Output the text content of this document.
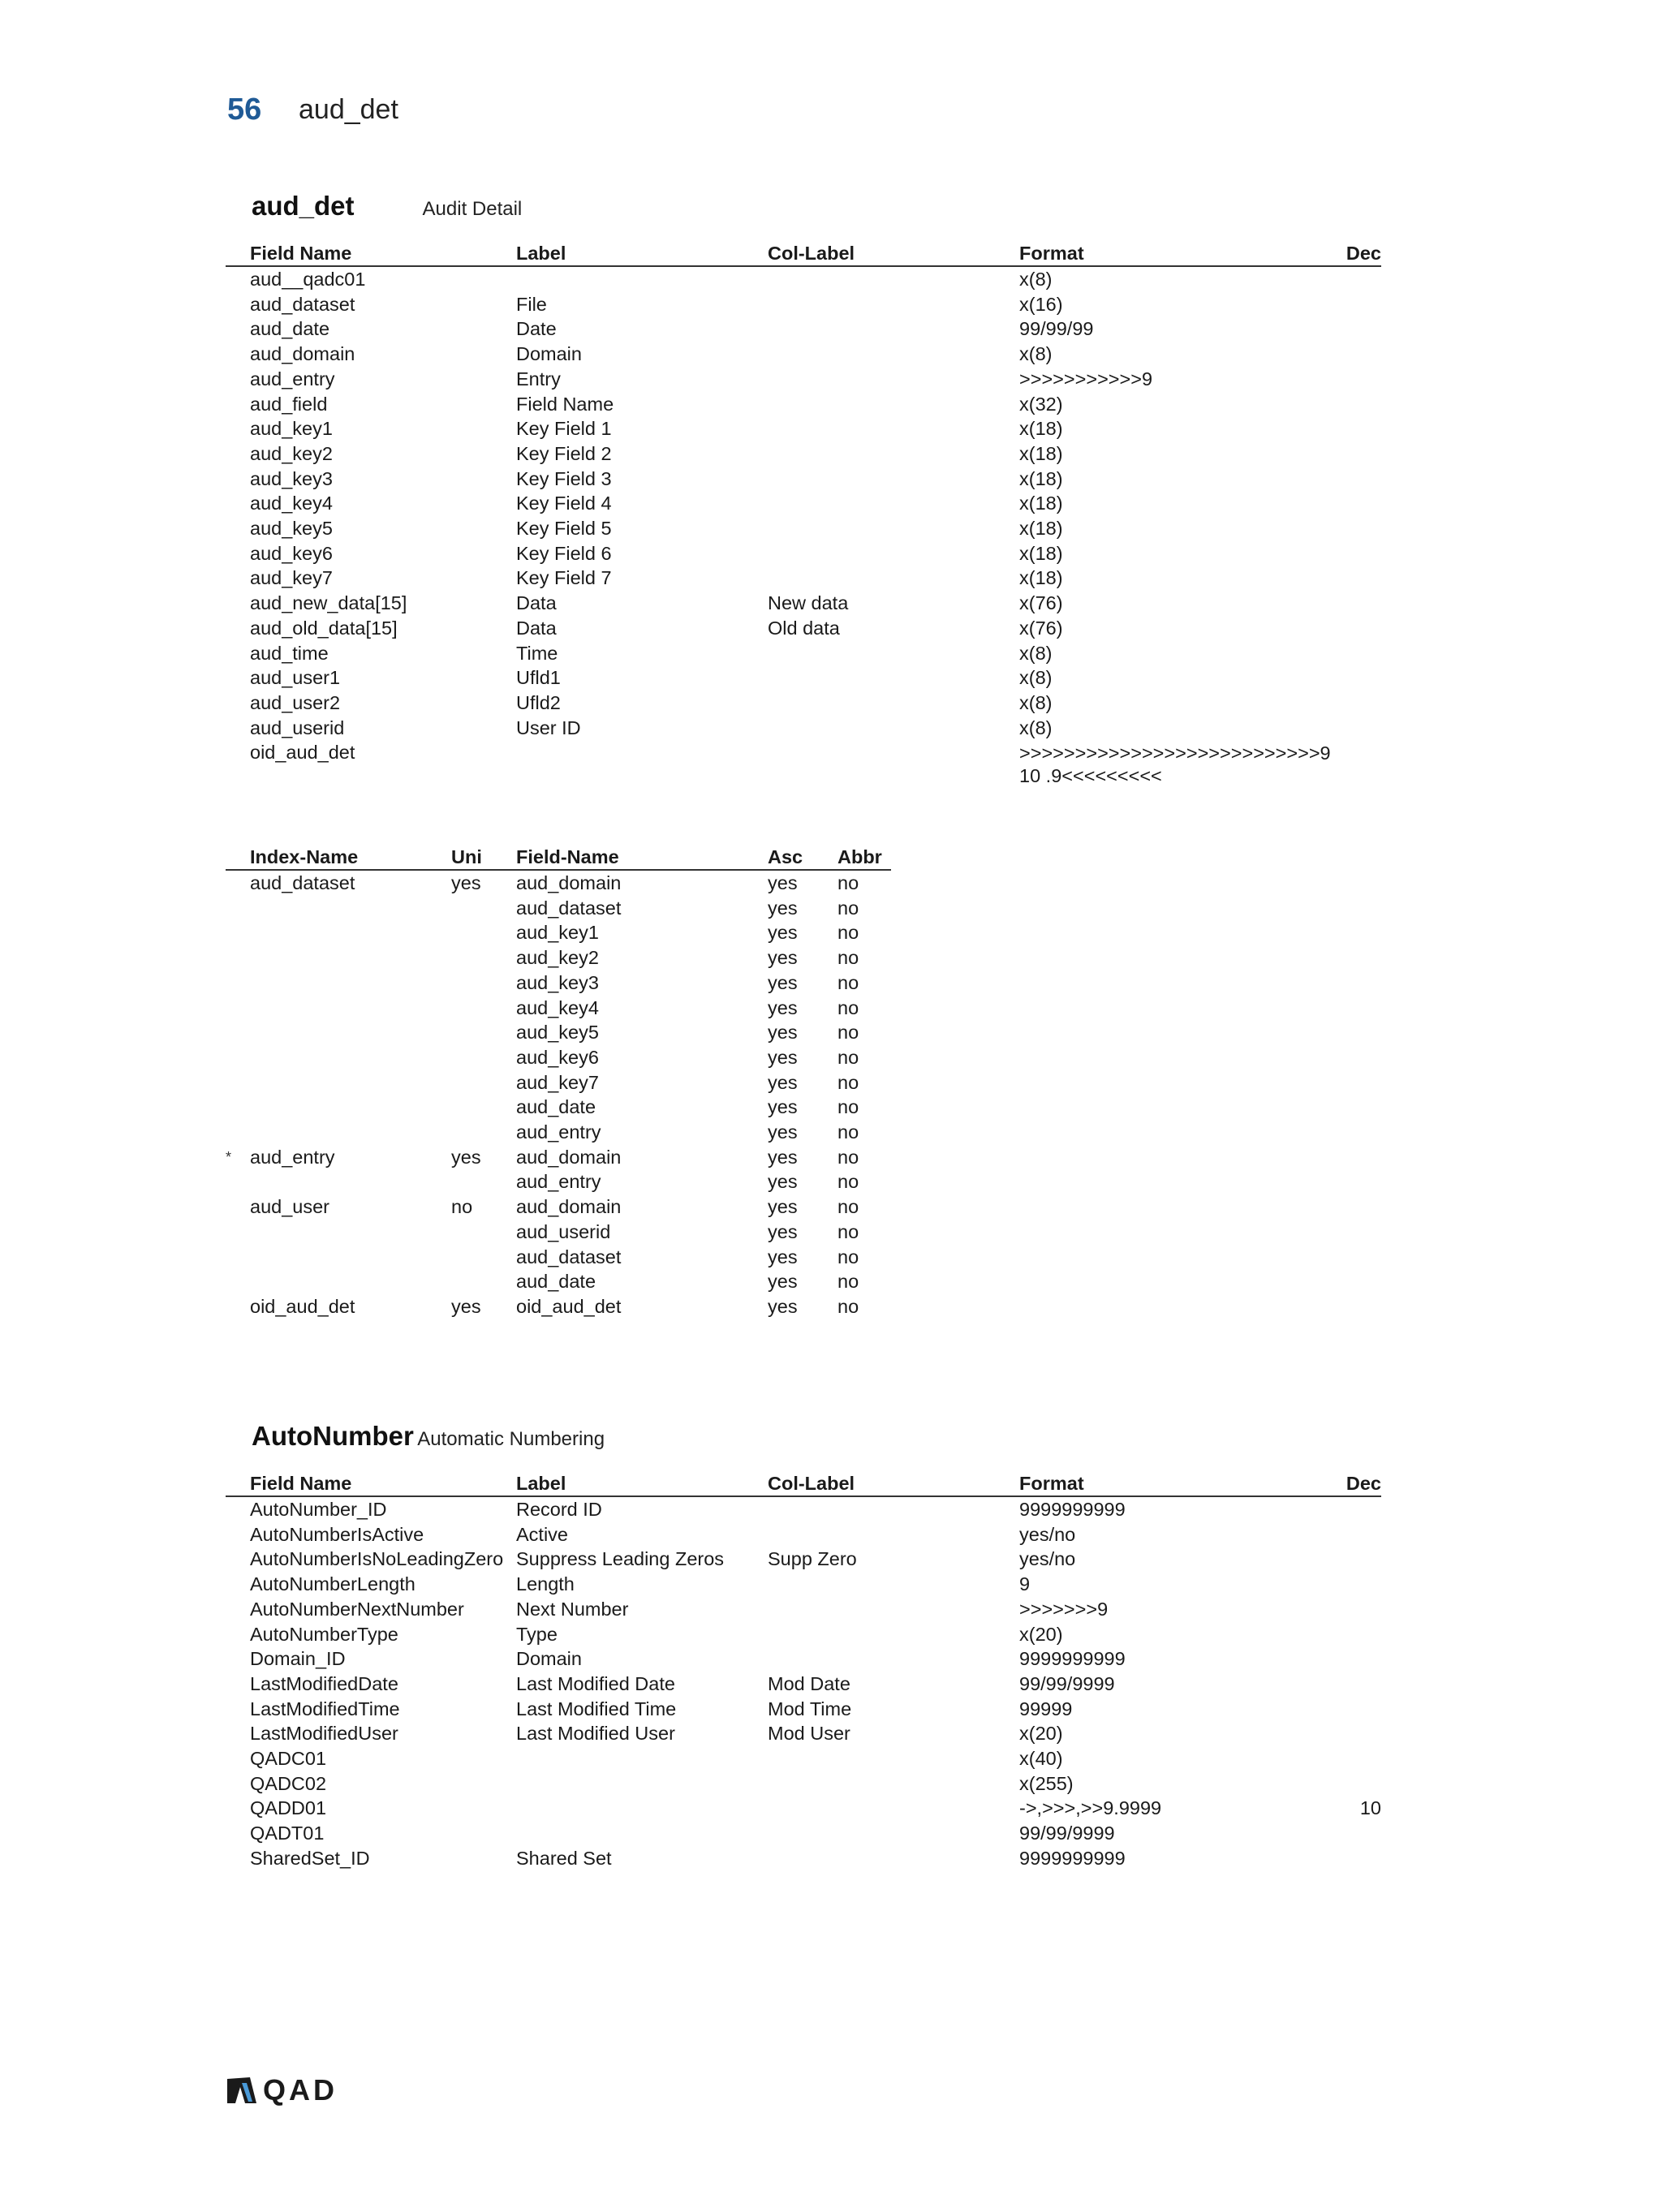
56 aud_det
aud_det	Audit Detail
	Field Name	Label	Col-Label	Format	Dec
	aud__qadc01			x(8)	
	aud_dataset	File		x(16)	
	aud_date	Date		99/99/99	
	aud_domain	Domain		x(8)	
	aud_entry	Entry		>>>>>>>>>>>9	
	aud_field	Field Name		x(32)	
	aud_key1	Key Field 1		x(18)	
	aud_key2	Key Field 2		x(18)	
	aud_key3	Key Field 3		x(18)	
	aud_key4	Key Field 4		x(18)	
	aud_key5	Key Field 5		x(18)	
	aud_key6	Key Field 6		x(18)	
	aud_key7	Key Field 7		x(18)	
	aud_new_data[15]	Data	New data	x(76)	
	aud_old_data[15]	Data	Old data	x(76)	
	aud_time	Time		x(8)	
	aud_user1	Ufld1		x(8)	
	aud_user2	Ufld2		x(8)	
	aud_userid	User ID		x(8)	
	oid_aud_det			>>>>>>>>>>>>>>>>>>>>>>>>>>>9 10 .9<<<<<<<<<	
	Index-Name	Uni	Field-Name	Asc	Abbr
	aud_dataset	yes	aud_domain	yes	no
			aud_dataset	yes	no
			aud_key1	yes	no
			aud_key2	yes	no
			aud_key3	yes	no
			aud_key4	yes	no
			aud_key5	yes	no
			aud_key6	yes	no
			aud_key7	yes	no
			aud_date	yes	no
			aud_entry	yes	no
*	aud_entry	yes	aud_domain	yes	no
			aud_entry	yes	no
	aud_user	no	aud_domain	yes	no
			aud_userid	yes	no
			aud_dataset	yes	no
			aud_date	yes	no
	oid_aud_det	yes	oid_aud_det	yes	no
AutoNumber Automatic Numbering
	Field Name	Label	Col-Label	Format	Dec
	AutoNumber_ID	Record ID		9999999999	
	AutoNumberIsActive	Active		yes/no	
	AutoNumberIsNoLeadingZero	Suppress Leading Zeros	Supp Zero	yes/no	
	AutoNumberLength	Length		9	
	AutoNumberNextNumber	Next Number		>>>>>>>9	
	AutoNumberType	Type		x(20)	
	Domain_ID	Domain		9999999999	
	LastModifiedDate	Last Modified Date	Mod Date	99/99/9999	
	LastModifiedTime	Last Modified Time	Mod Time	99999	
	LastModifiedUser	Last Modified User	Mod User	x(20)	
	QADC01			x(40)	
	QADC02			x(255)	
	QADD01			->,>>>,>>9.9999	10
	QADT01			99/99/9999	
	SharedSet_ID	Shared Set		9999999999	
QAD
